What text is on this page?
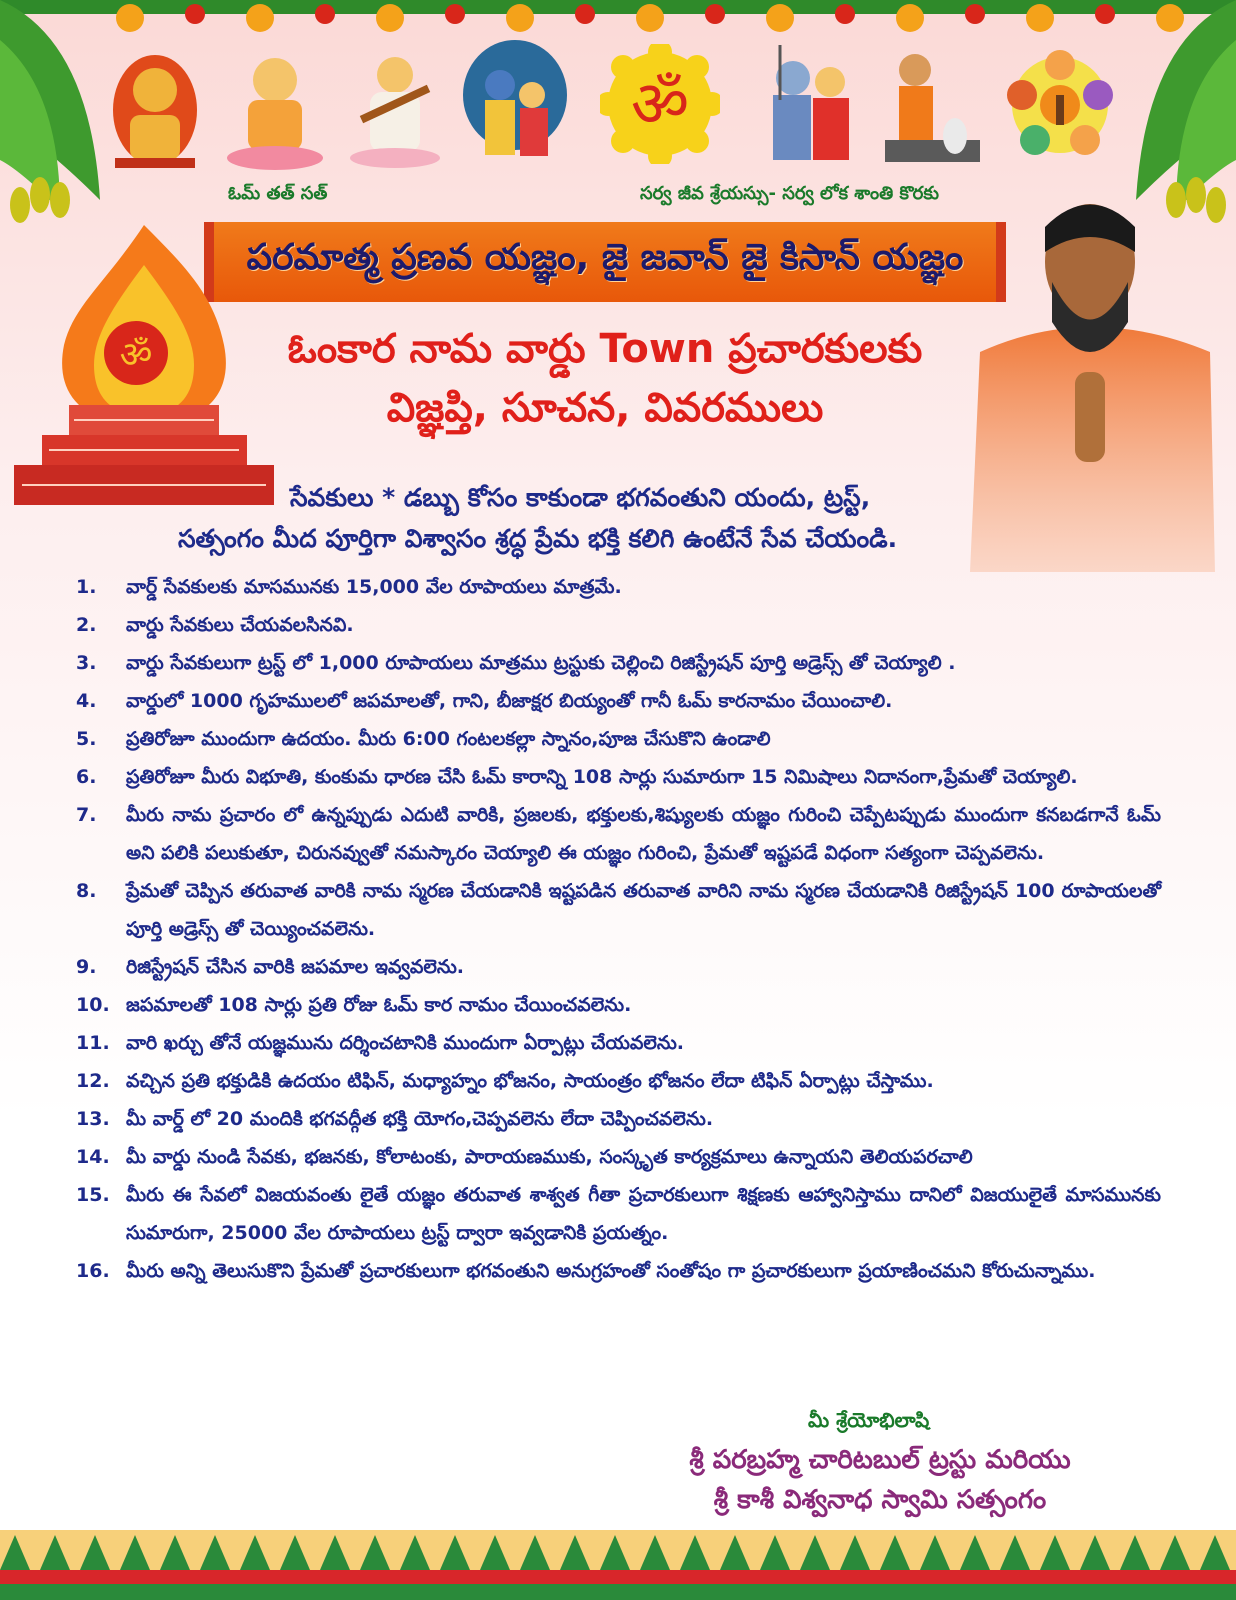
ॐ
ఓమ్ తత్ సత్	సర్వ జీవ శ్రేయస్సు- సర్వ లోక శాంతి కొరకు
పరమాత్మ ప్రణవ యజ్ఞం, జై జవాన్ జై కిసాన్ యజ్ఞం
ॐ	ఓంకార నామ వార్డు Town ప్రచారకులకు
విజ్ఞప్తి, సూచన, వివరములు
సేవకులు * డబ్బు కోసం కాకుండా భగవంతుని యందు, ట్రస్ట్,
సత్సంగం మీద పూర్తిగా విశ్వాసం శ్రద్ధ ప్రేమ భక్తి కలిగి ఉంటేనే సేవ చేయండి.
1.	వార్డ్ సేవకులకు మాసమునకు 15,000 వేల రూపాయలు మాత్రమే.
2.	వార్డు సేవకులు చేయవలసినవి.
3.	వార్డు సేవకులుగా ట్రస్ట్ లో 1,000 రూపాయలు మాత్రము ట్రస్టుకు చెల్లించి రిజిస్ట్రేషన్ పూర్తి అడ్రెస్స్ తో చెయ్యాలి .
4.	వార్డులో 1000 గృహములలో జపమాలతో, గాని, బీజాక్షర బియ్యంతో గానీ ఓమ్ కారనామం చేయించాలి.
5.	ప్రతిరోజూ ముందుగా ఉదయం. మీరు 6:00 గంటలకల్లా స్నానం,పూజ చేసుకొని ఉండాలి
6.	ప్రతిరోజూ మీరు విభూతి, కుంకుమ ధారణ చేసి ఓమ్ కారాన్ని 108 సార్లు సుమారుగా 15 నిమిషాలు నిదానంగా,ప్రేమతో చెయ్యాలి.
7.	మీరు నామ ప్రచారం లో ఉన్నప్పుడు ఎదుటి వారికి, ప్రజలకు, భక్తులకు,శిష్యులకు యజ్ఞం గురించి చెప్పేటప్పుడు ముందుగా కనబడగానే ఓమ్ అని పలికి పలుకుతూ, చిరునవ్వుతో నమస్కారం చెయ్యాలి ఈ యజ్ఞం గురించి, ప్రేమతో ఇష్టపడే విధంగా సత్యంగా చెప్పవలెను.
8.	ప్రేమతో చెప్పిన తరువాత వారికి నామ స్మరణ చేయడానికి ఇష్టపడిన తరువాత వారిని నామ స్మరణ చేయడానికి రిజిస్ట్రేషన్ 100 రూపాయలతో పూర్తి అడ్రెస్స్ తో చెయ్యించవలెను.
9.	రిజిస్ట్రేషన్ చేసిన వారికి జపమాల ఇవ్వవలెను.
10. జపమాలతో 108 సార్లు ప్రతి రోజు ఓమ్ కార నామం చేయించవలెను.
11. వారి ఖర్చు తోనే యజ్ఞమును దర్శించటానికి ముందుగా ఏర్పాట్లు చేయవలెను.
12. వచ్చిన ప్రతి భక్తుడికి ఉదయం టిఫిన్, మధ్యాహ్నం భోజనం, సాయంత్రం భోజనం లేదా టిఫిన్ ఏర్పాట్లు చేస్తాము.
13. మీ వార్డ్ లో 20 మందికి భగవద్గీత భక్తి యోగం,చెప్పవలెను లేదా చెప్పించవలెను.
14. మీ వార్డు నుండి సేవకు, భజనకు, కోలాటంకు, పారాయణముకు, సంస్కృత కార్యక్రమాలు ఉన్నాయని తెలియపరచాలి
15. మీరు ఈ సేవలో విజయవంతు లైతే యజ్ఞం తరువాత శాశ్వత గీతా ప్రచారకులుగా శిక్షణకు ఆహ్వానిస్తాము దానిలో విజయులైతే మాసమునకు సుమారుగా, 25000 వేల రూపాయలు ట్రస్ట్ ద్వారా ఇవ్వడానికి ప్రయత్నం.
16. మీరు అన్ని తెలుసుకొని ప్రేమతో ప్రచారకులుగా భగవంతుని అనుగ్రహంతో సంతోషం గా ప్రచారకులుగా ప్రయాణించమని కోరుచున్నాము.
మీ శ్రేయోభిలాషి
శ్రీ పరబ్రహ్మ చారిటబుల్ ట్రస్టు మరియు
శ్రీ కాశీ విశ్వనాధ స్వామి సత్సంగం
